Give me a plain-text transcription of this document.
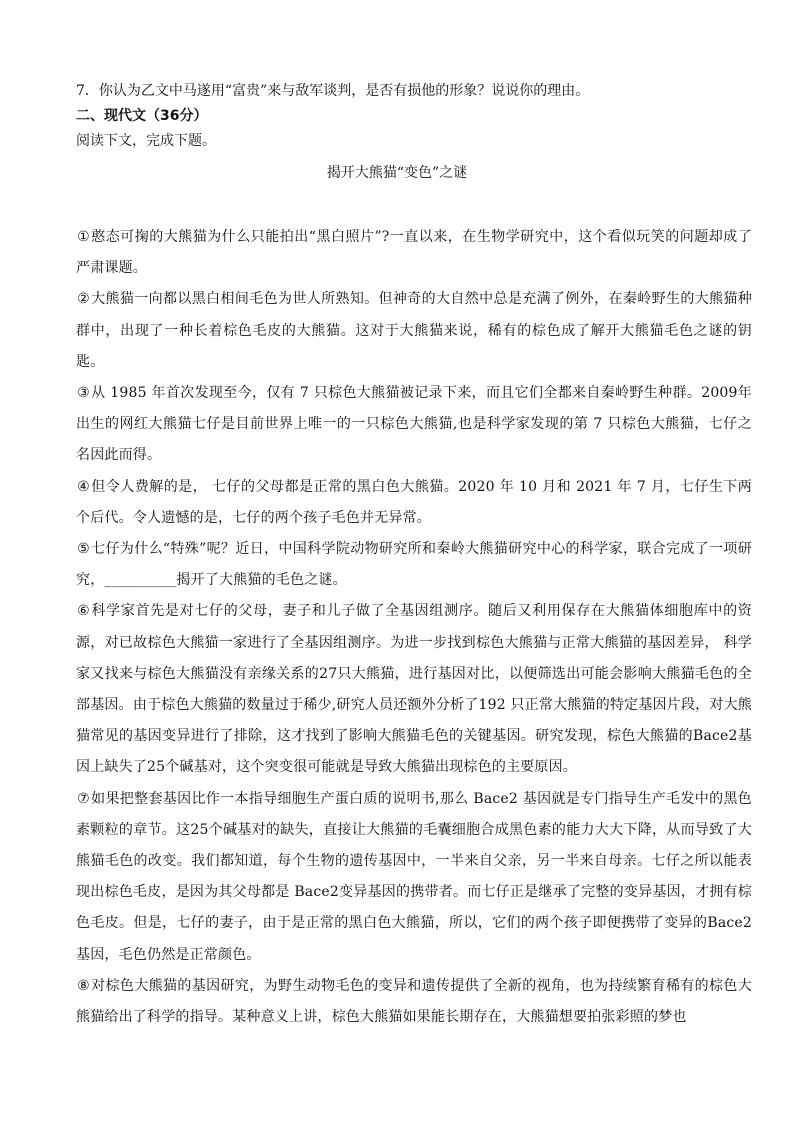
7．你认为乙文中马遂用“富贵”来与敌军谈判，是否有损他的形象？说说你的理由。
二、现代文（36分）
阅读下文，完成下题。
揭开大熊猫“变色”之谜

①憨态可掬的大熊猫为什么只能拍出“黑白照片”?一直以来，在生物学研究中，这个看似玩笑的问题却成了严肃课题。

②大熊猫一向都以黑白相间毛色为世人所熟知。但神奇的大自然中总是充满了例外，在秦岭野生的大熊猫种群中，出现了一种长着棕色毛皮的大熊猫。这对于大熊猫来说，稀有的棕色成了解开大熊猫毛色之谜的钥匙。

③从 1985 年首次发现至今，仅有 7 只棕色大熊猫被记录下来，而且它们全都来自秦岭野生种群。2009年出生的网红大熊猫七仔是目前世界上唯一的一只棕色大熊猫,也是科学家发现的第 7 只棕色大熊猫，七仔之名因此而得。

④但令人费解的是， 七仔的父母都是正常的黑白色大熊猫。2020 年 10 月和 2021 年 7 月，七仔生下两个后代。令人遗憾的是，七仔的两个孩子毛色并无异常。

⑤七仔为什么“特殊”呢？近日，中国科学院动物研究所和秦岭大熊猫研究中心的科学家，联合完成了一项研究，__________揭开了大熊猫的毛色之谜。

⑥科学家首先是对七仔的父母，妻子和儿子做了全基因组测序。随后又利用保存在大熊猫体细胞库中的资源，对已故棕色大熊猫一家进行了全基因组测序。为进一步找到棕色大熊猫与正常大熊猫的基因差异， 科学家又找来与棕色大熊猫没有亲缘关系的27只大熊猫，进行基因对比，以便筛选出可能会影响大熊猫毛色的全部基因。由于棕色大熊猫的数量过于稀少,研究人员还额外分析了192 只正常大熊猫的特定基因片段，对大熊猫常见的基因变异进行了排除，这才找到了影响大熊猫毛色的关键基因。研究发现，棕色大熊猫的Bace2基因上缺失了25个碱基对，这个突变很可能就是导致大熊猫出现棕色的主要原因。

⑦如果把整套基因比作一本指导细胞生产蛋白质的说明书,那么 Bace2 基因就是专门指导生产毛发中的黑色素颗粒的章节。这25个碱基对的缺失，直接让大熊猫的毛囊细胞合成黑色素的能力大大下降，从而导致了大熊猫毛色的改变。我们都知道，每个生物的遗传基因中，一半来自父亲，另一半来自母亲。七仔之所以能表现出棕色毛皮，是因为其父母都是 Bace2变异基因的携带者。而七仔正是继承了完整的变异基因，才拥有棕色毛皮。但是，七仔的妻子，由于是正常的黑白色大熊猫，所以，它们的两个孩子即便携带了变异的Bace2基因，毛色仍然是正常颜色。

⑧对棕色大熊猫的基因研究，为野生动物毛色的变异和遗传提供了全新的视角，也为持续繁育稀有的棕色大熊猫给出了科学的指导。某种意义上讲，棕色大熊猫如果能长期存在，大熊猫想要拍张彩照的梦也
